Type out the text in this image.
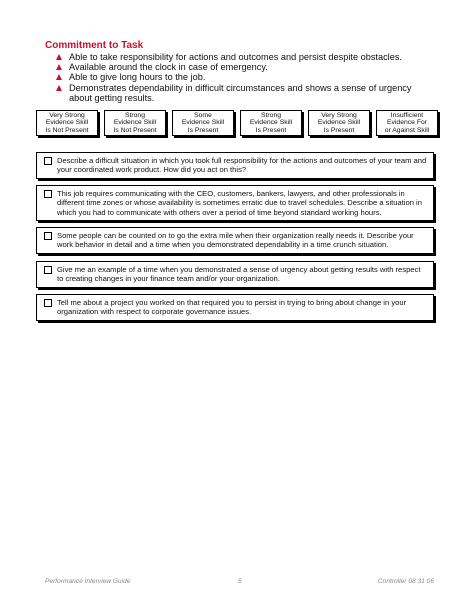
Commitment to Task
Able to take responsibility for actions and outcomes and persist despite obstacles.
Available around the clock in case of emergency.
Able to give long hours to the job.
Demonstrates dependability in difficult circumstances and shows a sense of urgency about getting results.
Very Strong
Evidence Skill
Is Not Present
Strong
Evidence Skill
Is Not Present
Some
Evidence Skill
Is Present
Strong
Evidence Skill
Is Present
Very Strong
Evidence Skill
Is Present
Insufficient
Evidence For
or Against Skill
Describe a difficult situation in which you took full responsibility for the actions and outcomes of your team and your coordinated work product. How did you act on this?
This job requires communicating with the CEO, customers, bankers, lawyers, and other professionals in different time zones or whose availability is sometimes erratic due to travel schedules. Describe a situation in which you had to communicate with others over a period of time beyond standard working hours.
Some people can be counted on to go the extra mile when their organization really needs it. Describe your work behavior in detail and a time when you demonstrated dependability in a time crunch situation.
Give me an example of a time when you demonstrated a sense of urgency about getting results with respect to creating changes in your finance team and/or your organization.
Tell me about a project you worked on that required you to persist in trying to bring about change in your organization with respect to corporate governance issues.
Performance Interview Guide	5	Controller 08 31 06
